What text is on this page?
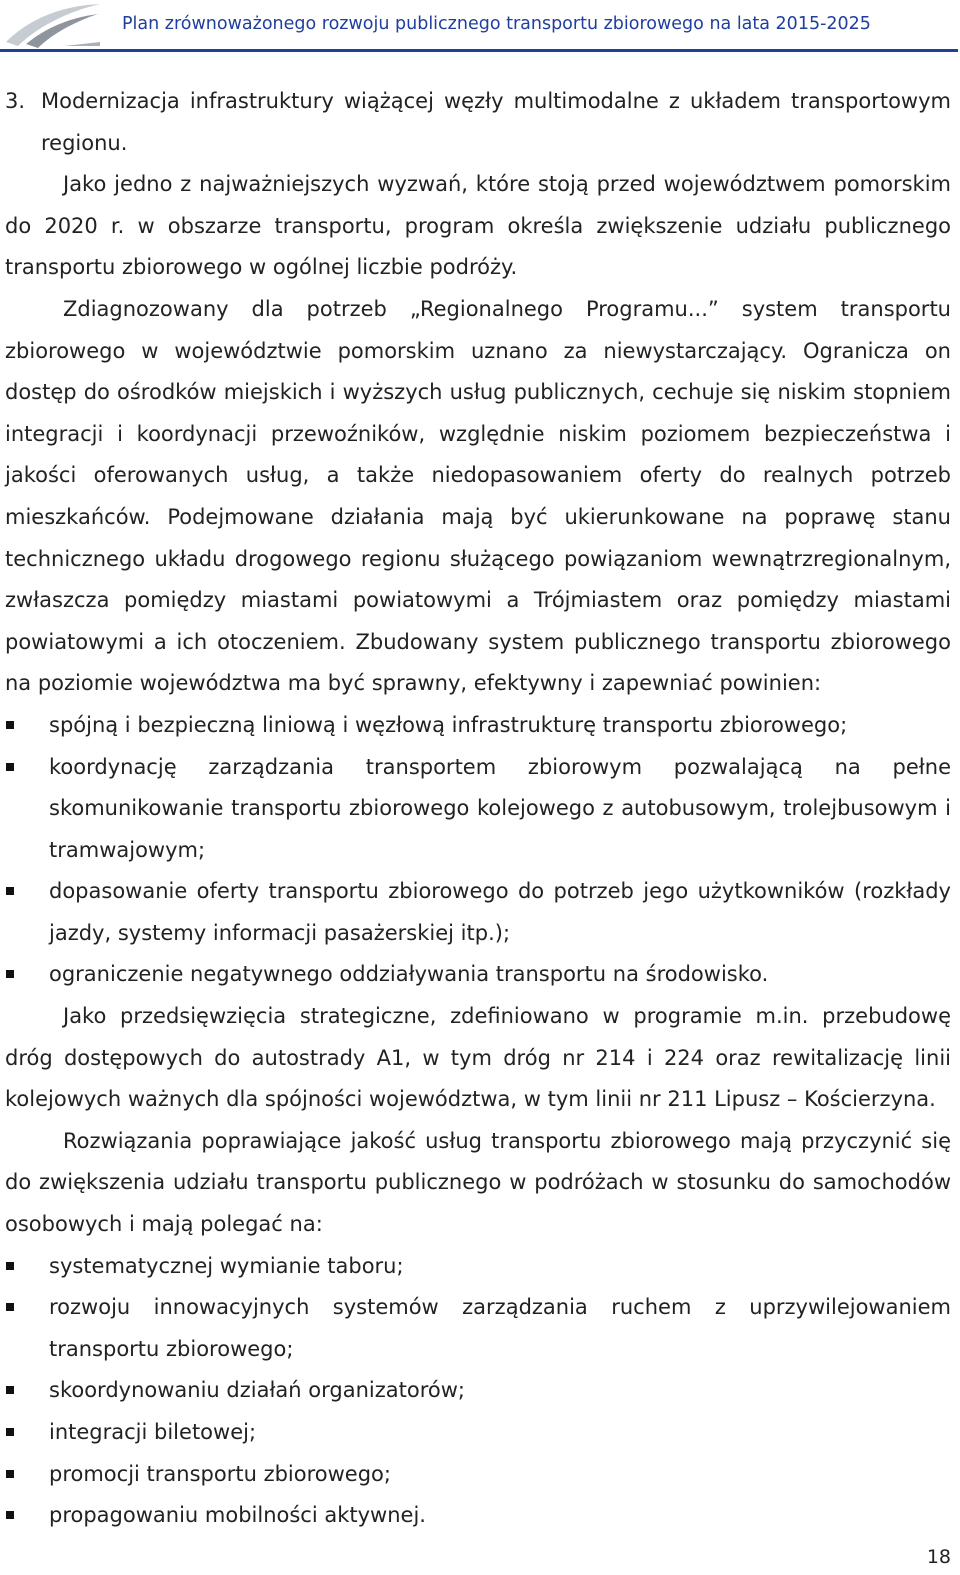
Plan zrównoważonego rozwoju publicznego transportu zbiorowego na lata 2015-2025
3. Modernizacja infrastruktury wiążącej węzły multimodalne z układem transportowym regionu.
Jako jedno z najważniejszych wyzwań, które stoją przed województwem pomorskim do 2020 r. w obszarze transportu, program określa zwiększenie udziału publicznego transportu zbiorowego w ogólnej liczbie podróży.
Zdiagnozowany dla potrzeb „Regionalnego Programu...” system transportu zbiorowego w województwie pomorskim uznano za niewystarczający. Ogranicza on dostęp do ośrodków miejskich i wyższych usług publicznych, cechuje się niskim stopniem integracji i koordynacji przewoźników, względnie niskim poziomem bezpieczeństwa i jakości oferowanych usług, a także niedopasowaniem oferty do realnych potrzeb mieszkańców. Podejmowane działania mają być ukierunkowane na poprawę stanu technicznego układu drogowego regionu służącego powiązaniom wewnątrzregionalnym, zwłaszcza pomiędzy miastami powiatowymi a Trójmiastem oraz pomiędzy miastami powiatowymi a ich otoczeniem. Zbudowany system publicznego transportu zbiorowego na poziomie województwa ma być sprawny, efektywny i zapewniać powinien:
spójną i bezpieczną liniową i węzłową infrastrukturę transportu zbiorowego;
koordynację zarządzania transportem zbiorowym pozwalającą na pełne skomunikowanie transportu zbiorowego kolejowego z autobusowym, trolejbusowym i tramwajowym;
dopasowanie oferty transportu zbiorowego do potrzeb jego użytkowników (rozkłady jazdy, systemy informacji pasażerskiej itp.);
ograniczenie negatywnego oddziaływania transportu na środowisko.
Jako przedsięwzięcia strategiczne, zdefiniowano w programie m.in. przebudowę dróg dostępowych do autostrady A1, w tym dróg nr 214 i 224 oraz rewitalizację linii kolejowych ważnych dla spójności województwa, w tym linii nr 211 Lipusz – Kościerzyna.
Rozwiązania poprawiające jakość usług transportu zbiorowego mają przyczynić się do zwiększenia udziału transportu publicznego w podróżach w stosunku do samochodów osobowych i mają polegać na:
systematycznej wymianie taboru;
rozwoju innowacyjnych systemów zarządzania ruchem z uprzywilejowaniem transportu zbiorowego;
skoordynowaniu działań organizatorów;
integracji biletowej;
promocji transportu zbiorowego;
propagowaniu mobilności aktywnej.
18
